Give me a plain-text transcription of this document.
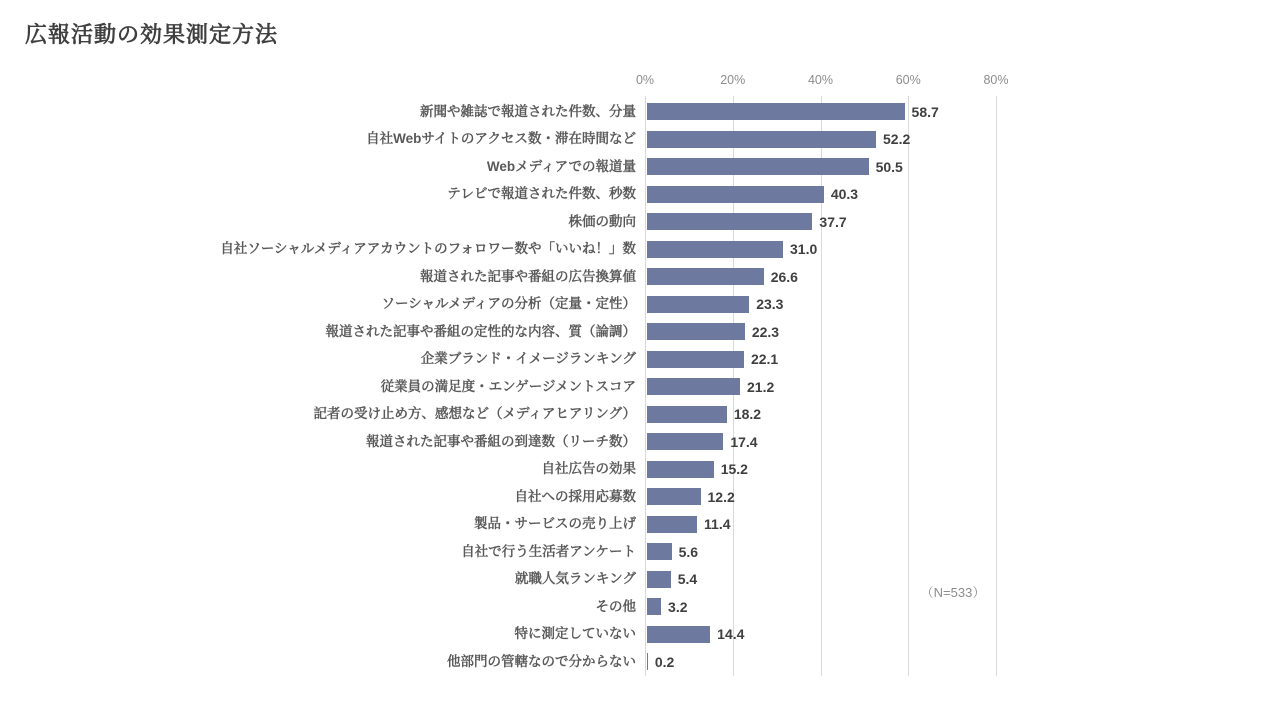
広報活動の効果測定方法
0%	20%	40%	60%	80%
新聞や雑誌で報道された件数、分量	58.7
自社Webサイトのアクセス数・滞在時間など	52.2
Webメディアでの報道量	50.5
テレビで報道された件数、秒数	40.3
株価の動向	37.7
自社ソーシャルメディアアカウントのフォロワー数や「いいね！」数	31.0
報道された記事や番組の広告換算値	26.6
ソーシャルメディアの分析（定量・定性）	23.3
報道された記事や番組の定性的な内容、質（論調）	22.3
企業ブランド・イメージランキング	22.1
従業員の満足度・エンゲージメントスコア	21.2
記者の受け止め方、感想など（メディアヒアリング）	18.2
報道された記事や番組の到達数（リーチ数）	17.4
自社広告の効果	15.2
自社への採用応募数	12.2
製品・サービスの売り上げ	11.4
自社で行う生活者アンケート	5.6
就職人気ランキング	5.4
その他 3.2
特に測定していない	14.4
他部門の管轄なので分からない 0.2
（N=533）
